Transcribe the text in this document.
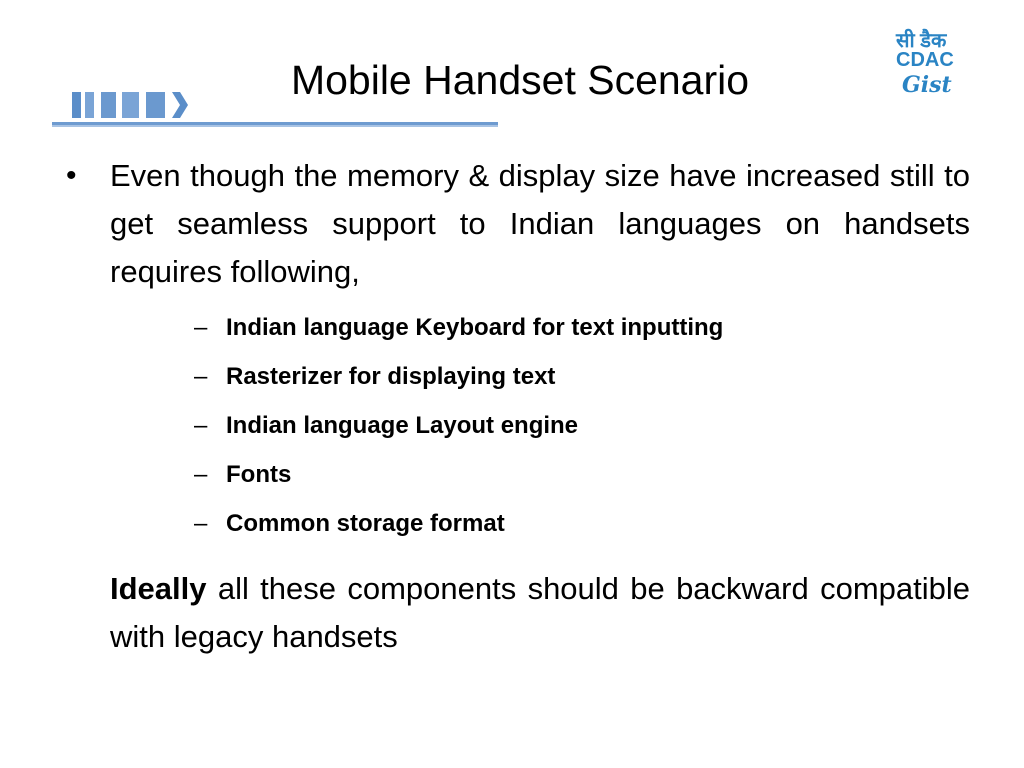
Mobile Handset Scenario
सी डैक
CDAC
Gist
• Even though the memory & display size have increased still to get seamless support to Indian languages on handsets requires following,
– Indian language Keyboard for text inputting
– Rasterizer for displaying text
– Indian language Layout engine
– Fonts
– Common storage format
Ideally all these components should be backward compatible with legacy handsets
